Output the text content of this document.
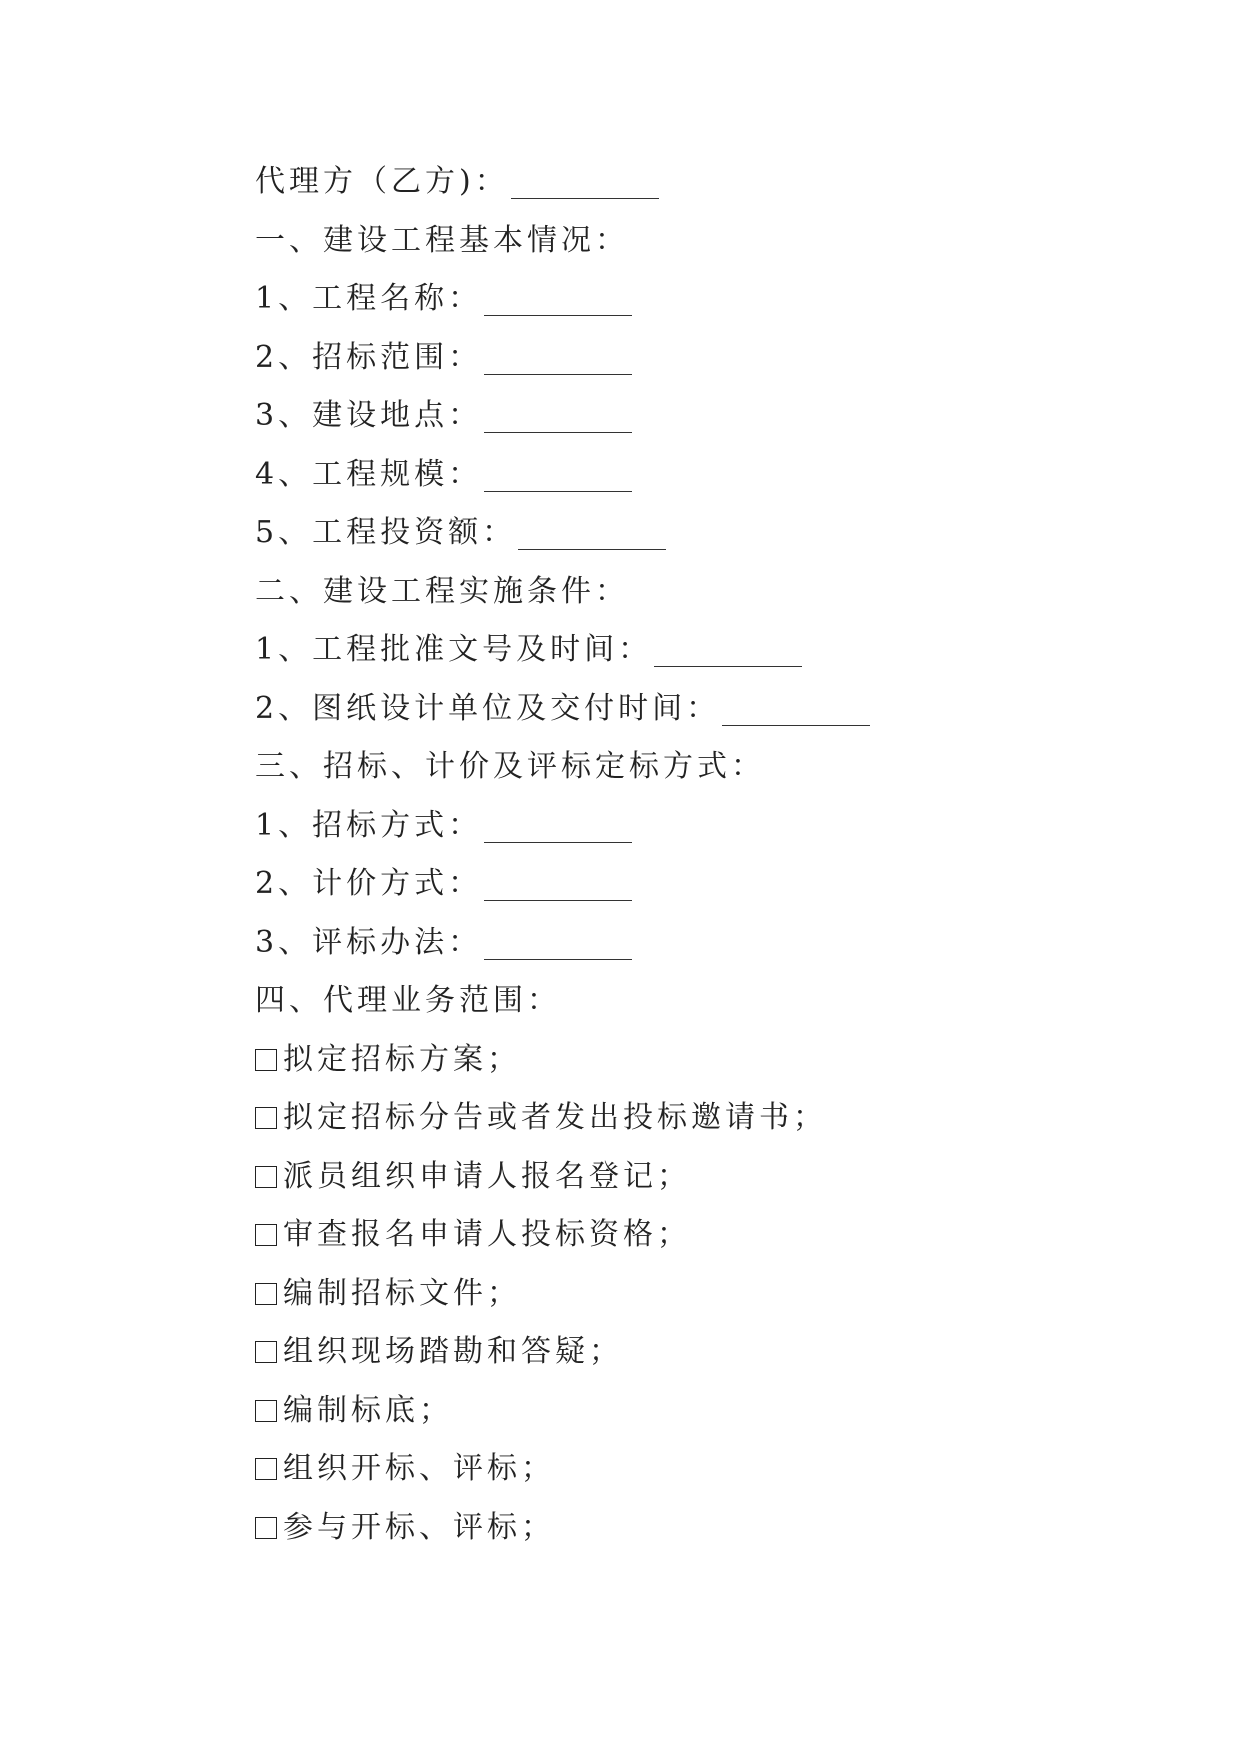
代理方（乙方)：
一、建设工程基本情况：
1、工程名称：
2、招标范围：
3、建设地点：
4、工程规模：
5、工程投资额：
二、建设工程实施条件：
1、工程批准文号及时间：
2、图纸设计单位及交付时间：
三、招标、计价及评标定标方式：
1、招标方式：
2、计价方式：
3、评标办法：
四、代理业务范围：
拟定招标方案；
拟定招标分告或者发出投标邀请书；
派员组织申请人报名登记；
审查报名申请人投标资格；
编制招标文件；
组织现场踏勘和答疑；
编制标底；
组织开标、评标；
参与开标、评标；
